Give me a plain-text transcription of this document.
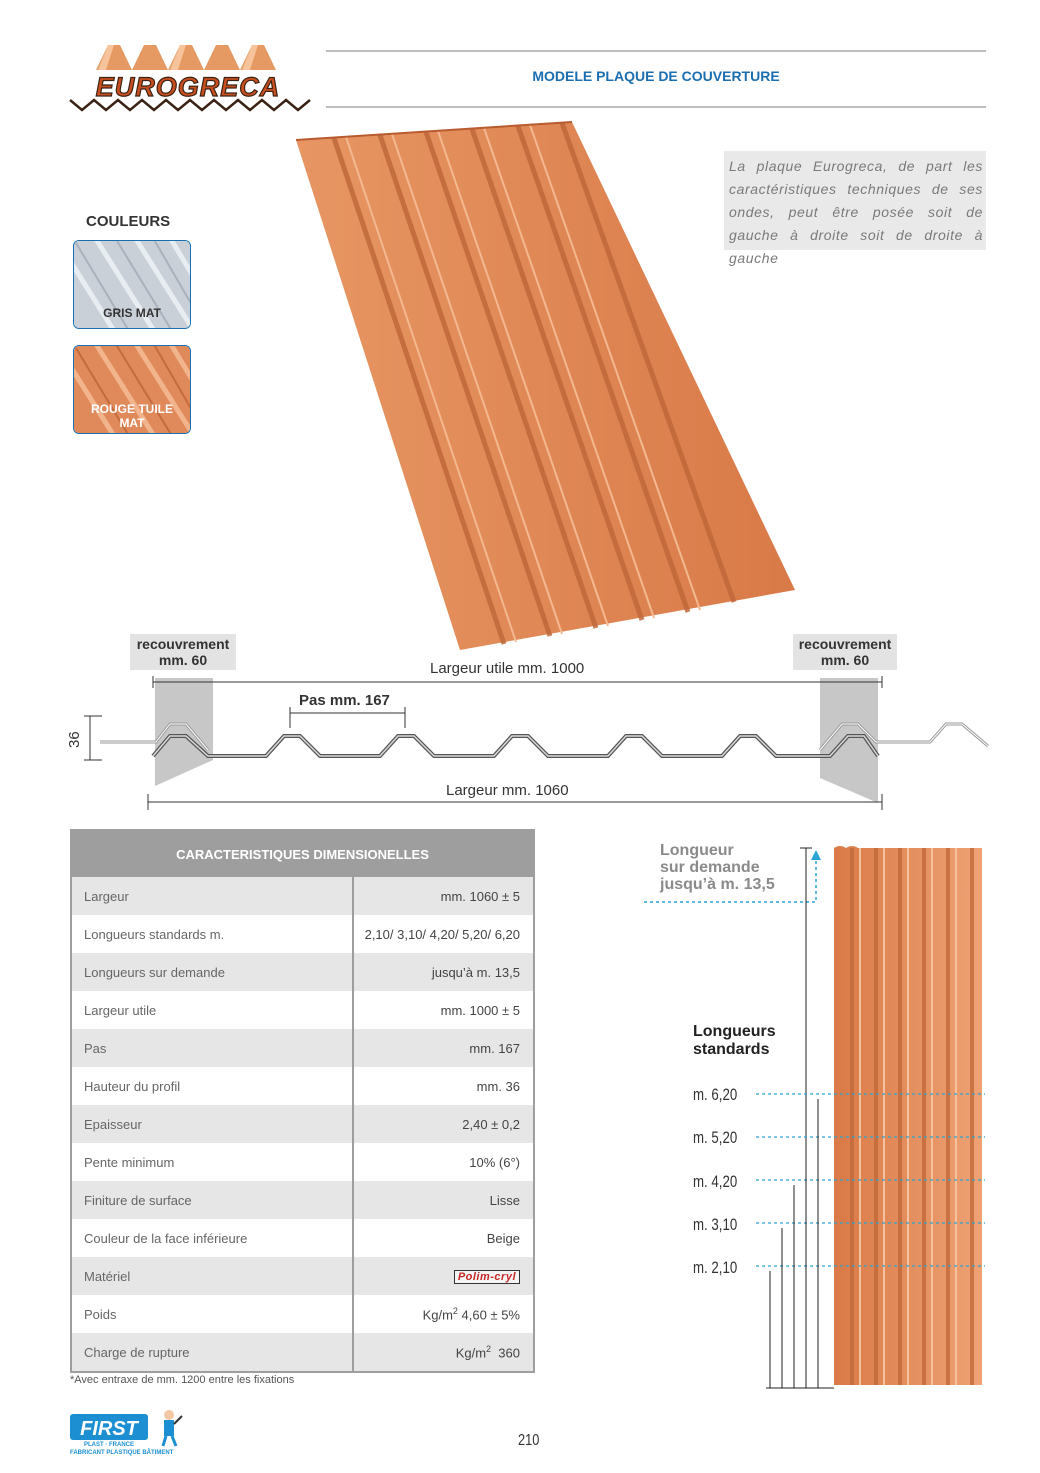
EUROGRECA	MODELE PLAQUE DE COUVERTURE
La plaque Eurogreca, de part les caractéristiques techniques de ses ondes, peut être posée soit de gauche à droite soit de droite à gauche
COULEURS
GRIS MAT
ROUGE TUILE MAT
recouvrement mm. 60
recouvrement mm. 60
Largeur utile mm. 1000
Pas mm. 167
36
Largeur mm. 1060
CARACTERISTIQUES DIMENSIONELLES	
Largeur	mm. 1060 ± 5
Longueurs standards m.	2,10/ 3,10/ 4,20/ 5,20/ 6,20
Longueurs sur demande	jusqu’à m. 13,5
Largeur utile	mm. 1000 ± 5
Pas	mm. 167
Hauteur du profil	mm. 36
Epaisseur	2,40 ± 0,2
Pente minimum	10% (6°)
Finiture de surface	Lisse
Couleur de la face inférieure	Beige
Matériel	Polim-cryl
Poids	$Kg/m^2$ 4,60 ± 5%
Charge de rupture	$Kg/m^2$ 360
*Avec entraxe de mm. 1200 entre les fixations
Longueur
sur demande
jusqu’à m. 13,5
Longueurs
standards
m. 6,20
m. 5,20
m. 4,20
m. 3,10
m. 2,10
FIRST
PLAST · FRANCE
FABRICANT PLASTIQUE BÂTIMENT
210
